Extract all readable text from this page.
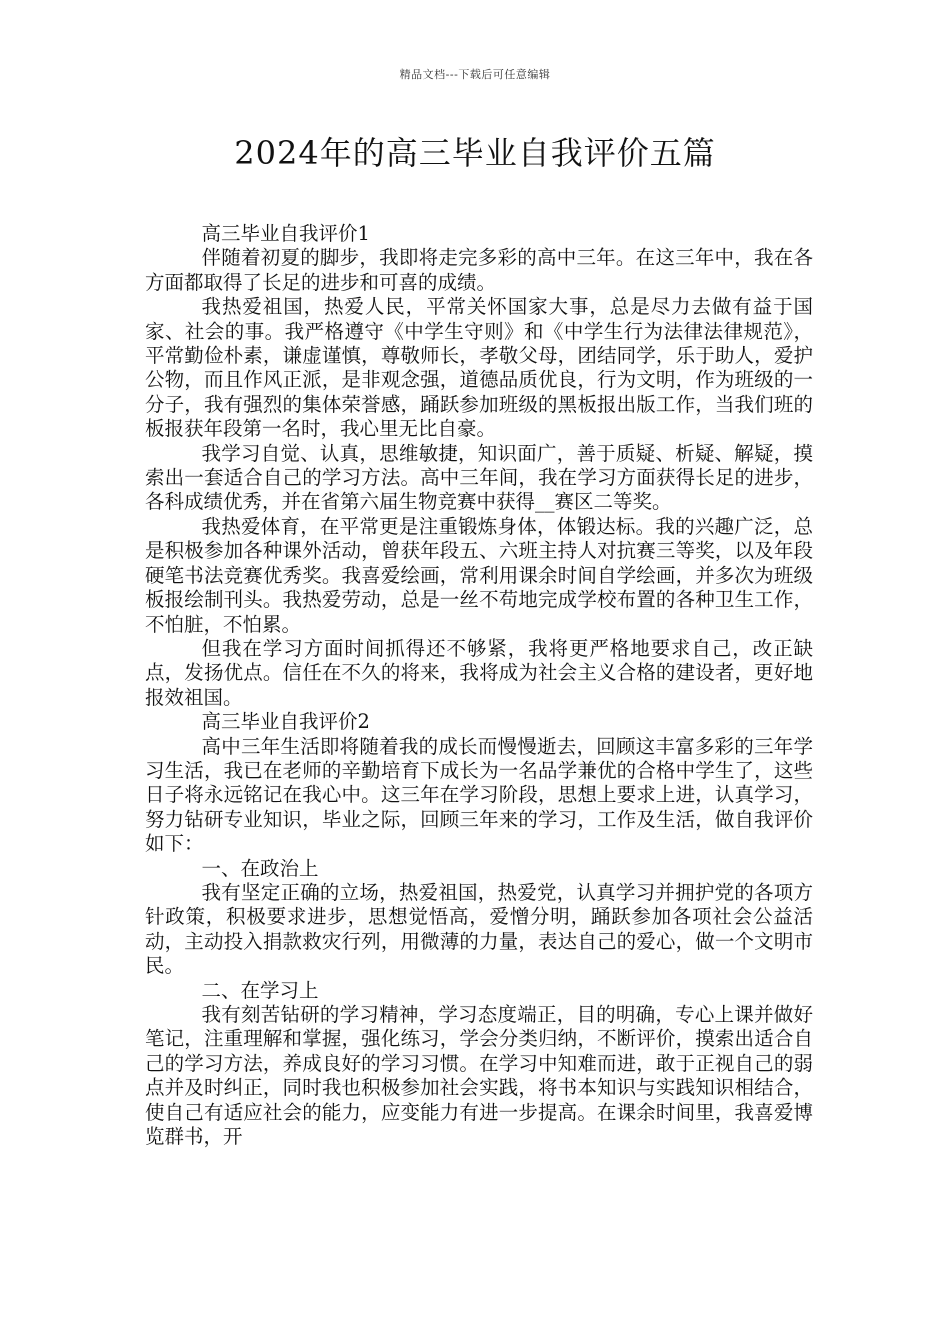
精品文档---下载后可任意编辑
2024年的高三毕业自我评价五篇

高三毕业自我评价1

伴随着初夏的脚步，我即将走完多彩的高中三年。在这三年中，我在各方面都取得了长足的进步和可喜的成绩。

我热爱祖国，热爱人民，平常关怀国家大事，总是尽力去做有益于国家、社会的事。我严格遵守《中学生守则》和《中学生行为法律法律规范》，平常勤俭朴素，谦虚谨慎，尊敬师长，孝敬父母，团结同学，乐于助人，爱护公物，而且作风正派，是非观念强，道德品质优良，行为文明，作为班级的一分子，我有强烈的集体荣誉感，踊跃参加班级的黑板报出版工作，当我们班的板报获年段第一名时，我心里无比自豪。

我学习自觉、认真，思维敏捷，知识面广，善于质疑、析疑、解疑，摸索出一套适合自己的学习方法。高中三年间，我在学习方面获得长足的进步，各科成绩优秀，并在省第六届生物竞赛中获得__赛区二等奖。

我热爱体育，在平常更是注重锻炼身体，体锻达标。我的兴趣广泛，总是积极参加各种课外活动，曾获年段五、六班主持人对抗赛三等奖，以及年段硬笔书法竞赛优秀奖。我喜爱绘画，常利用课余时间自学绘画，并多次为班级板报绘制刊头。我热爱劳动，总是一丝不苟地完成学校布置的各种卫生工作，不怕脏，不怕累。

但我在学习方面时间抓得还不够紧，我将更严格地要求自己，改正缺点，发扬优点。信任在不久的将来，我将成为社会主义合格的建设者，更好地报效祖国。

高三毕业自我评价2

高中三年生活即将随着我的成长而慢慢逝去，回顾这丰富多彩的三年学习生活，我已在老师的辛勤培育下成长为一名品学兼优的合格中学生了，这些日子将永远铭记在我心中。这三年在学习阶段，思想上要求上进，认真学习，努力钻研专业知识，毕业之际，回顾三年来的学习，工作及生活，做自我评价如下：

一、在政治上

我有坚定正确的立场，热爱祖国，热爱党，认真学习并拥护党的各项方针政策，积极要求进步，思想觉悟高，爱憎分明，踊跃参加各项社会公益活动，主动投入捐款救灾行列，用微薄的力量，表达自己的爱心，做一个文明市民。

二、在学习上

我有刻苦钻研的学习精神，学习态度端正，目的明确，专心上课并做好笔记，注重理解和掌握，强化练习，学会分类归纳，不断评价，摸索出适合自己的学习方法，养成良好的学习习惯。在学习中知难而进，敢于正视自己的弱点并及时纠正，同时我也积极参加社会实践，将书本知识与实践知识相结合，使自己有适应社会的能力，应变能力有进一步提高。在课余时间里，我喜爱博览群书，开
